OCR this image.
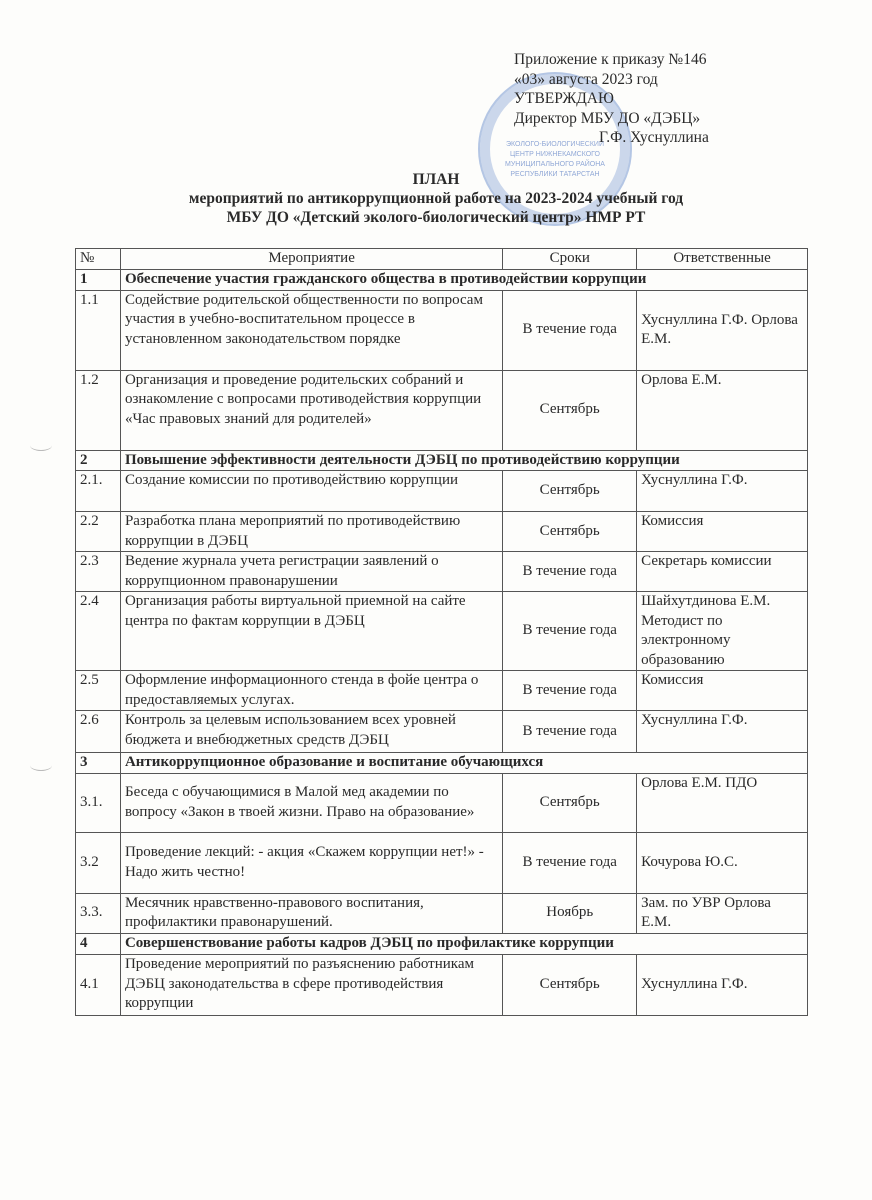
ЭКОЛОГО-БИОЛОГИЧЕСКИЙ ЦЕНТР НИЖНЕКАМСКОГО МУНИЦИПАЛЬНОГО РАЙОНА РЕСПУБЛИКИ ТАТАРСТАН
Приложение к приказу №146
«03» августа 2023 год
УТВЕРЖДАЮ
Директор МБУ ДО «ДЭБЦ»
Г.Ф. Хуснуллина
ПЛАН
мероприятий по антикоррупционной работе на 2023-2024 учебный год
МБУ ДО «Детский эколого-биологический центр» НМР РТ
№	Мероприятие	Сроки	Ответственные
1	Обеспечение участия гражданского общества в противодействии коррупции		
1.1	Содействие родительской общественности по вопросам участия в учебно-воспитательном процессе в установленном законодательством порядке	В течение года	Хуснуллина Г.Ф. Орлова Е.М.
1.2	Организация и проведение родительских собраний и ознакомление с вопросами противодействия коррупции «Час правовых знаний для родителей»	Сентябрь	Орлова Е.М.
2	Повышение эффективности деятельности ДЭБЦ по противодействию коррупции		
2.1.	Создание комиссии по противодействию коррупции	Сентябрь	Хуснуллина Г.Ф.
2.2	Разработка плана мероприятий по противодействию коррупции в ДЭБЦ	Сентябрь	Комиссия
2.3	Ведение журнала учета регистрации заявлений о коррупционном правонарушении	В течение года	Секретарь комиссии
2.4	Организация работы виртуальной приемной на сайте центра по фактам коррупции в ДЭБЦ	В течение года	Шайхутдинова Е.М. Методист по электронному образованию
2.5	Оформление информационного стенда в фойе центра о предоставляемых услугах.	В течение года	Комиссия
2.6	Контроль за целевым использованием всех уровней бюджета и внебюджетных средств ДЭБЦ	В течение года	Хуснуллина Г.Ф.
3	Антикоррупционное образование и воспитание обучающихся		
3.1.	Беседа с обучающимися в Малой мед академии по вопросу «Закон в твоей жизни. Право на образование»	Сентябрь	Орлова Е.М. ПДО
3.2	Проведение лекций: - акция «Скажем коррупции нет!» - Надо жить честно!	В течение года	Кочурова Ю.С.
3.3.	Месячник нравственно-правового воспитания, профилактики правонарушений.	Ноябрь	Зам. по УВР Орлова Е.М.
4	Совершенствование работы кадров ДЭБЦ по профилактике коррупции		
4.1	Проведение мероприятий по разъяснению работникам ДЭБЦ законодательства в сфере противодействия коррупции	Сентябрь	Хуснуллина Г.Ф.
